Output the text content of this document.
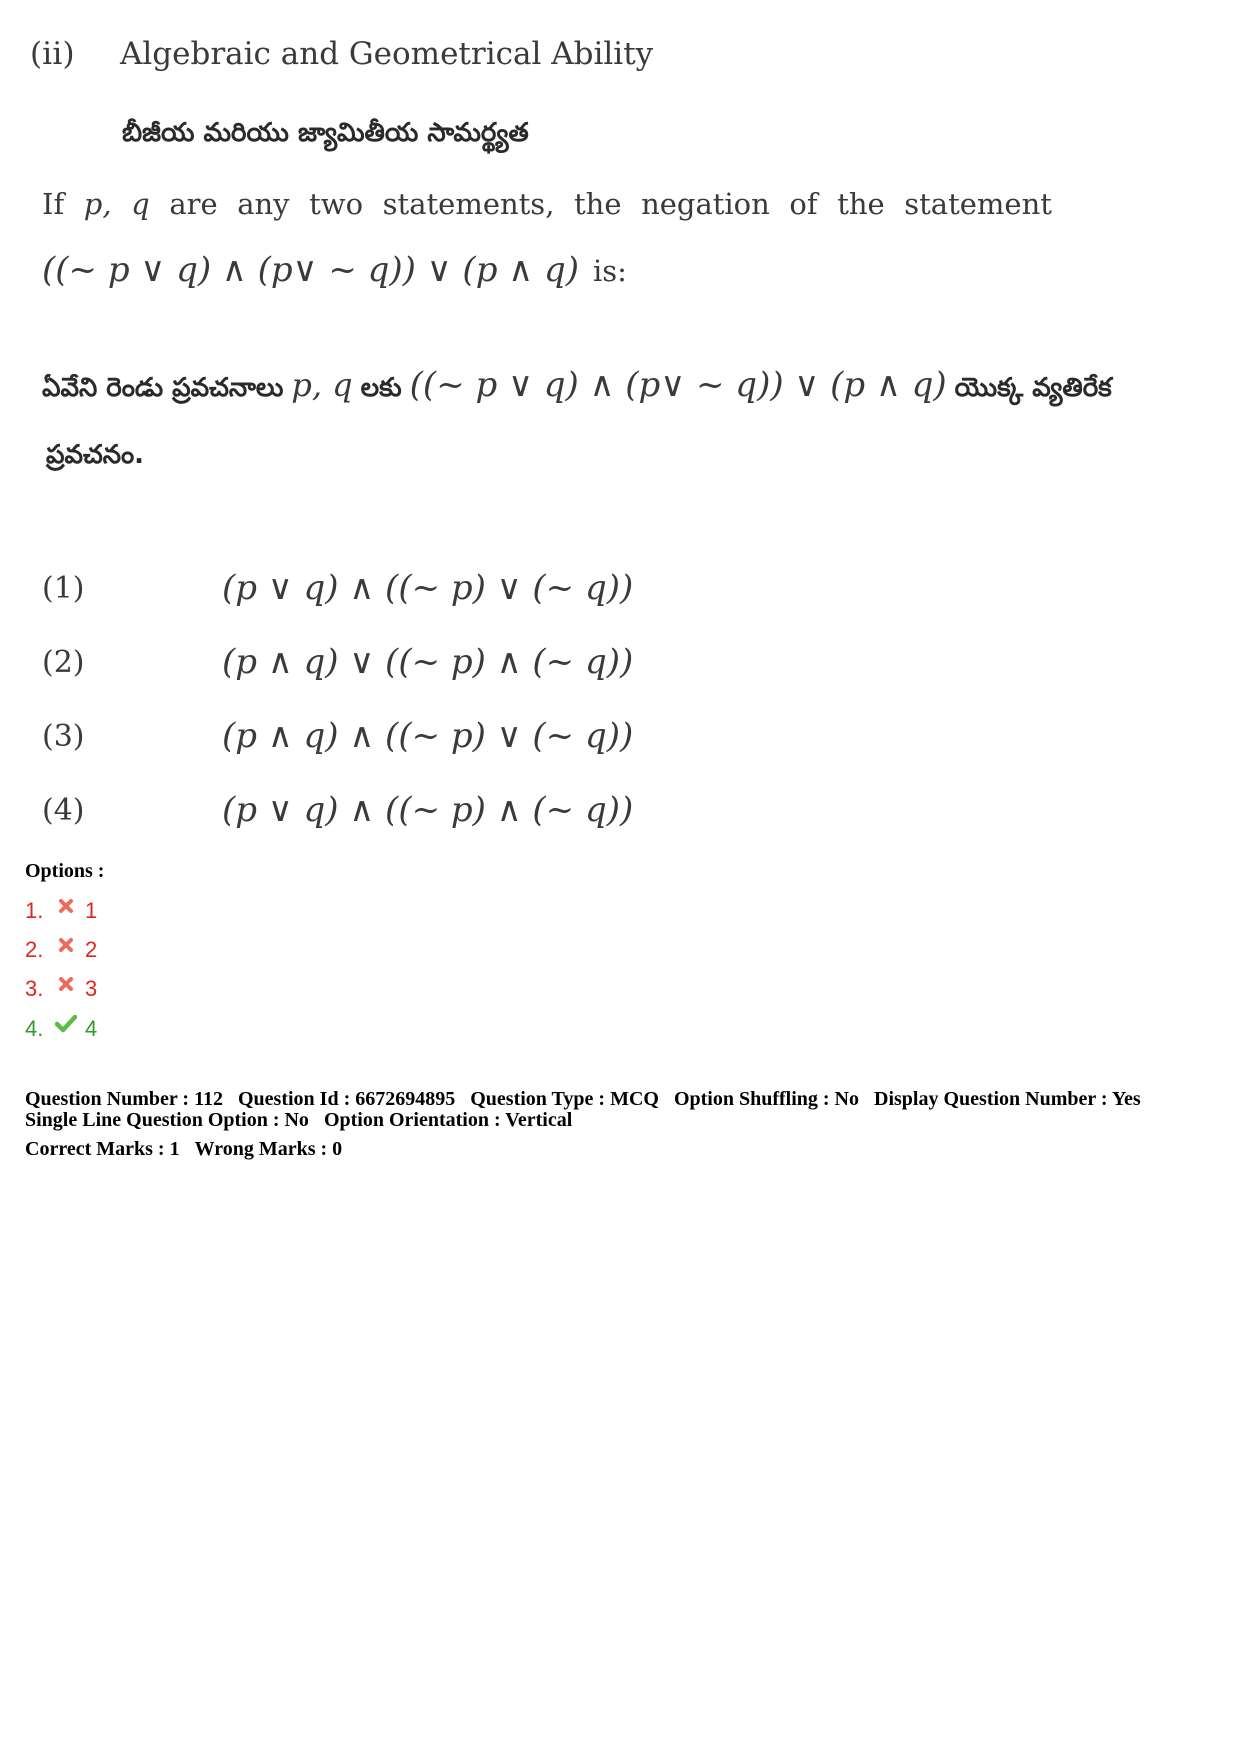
(ii) Algebraic and Geometrical Ability
బీజీయ మరియు జ్యామితీయ సామర్థ్యత
If p, q are any two statements, the negation of the statement
((~ p ∨ q) ∧ (p∨ ~ q)) ∨ (p ∧ q) is:
ఏవేని రెండు ప్రవచనాలు p, q లకు ((~ p ∨ q) ∧ (p∨ ~ q)) ∨ (p ∧ q) యొక్క వ్యతిరేక
ప్రవచనం.
(1)	(p ∨ q) ∧ ((~ p) ∨ (~ q))
(2)	(p ∧ q) ∨ ((~ p) ∧ (~ q))
(3)	(p ∧ q) ∧ ((~ p) ∨ (~ q))
(4)	(p ∨ q) ∧ ((~ p) ∧ (~ q))
Options :
1.	1
2.	2
3.	3
4.	4
Question Number : 112 Question Id : 6672694895 Question Type : MCQ Option Shuffling : No Display Question Number : Yes
Single Line Question Option : No Option Orientation : Vertical
Correct Marks : 1 Wrong Marks : 0
